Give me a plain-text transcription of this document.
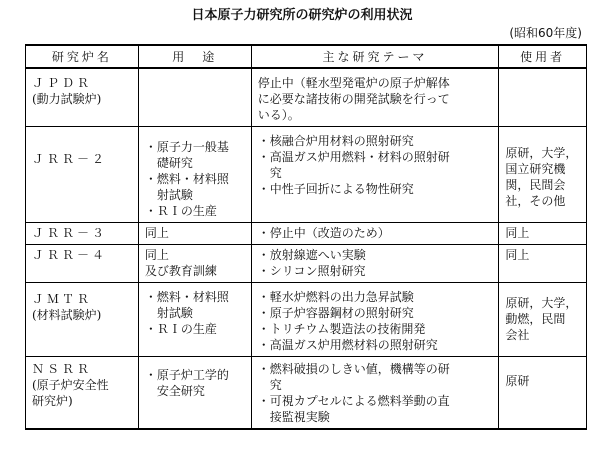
日本原子力研究所の研究炉の利用状況
(昭和60年度)
研究炉名	用　途	主な研究テーマ	使用者

ＪＰＤＲ
(動力試験炉)		停止中（軽水型発電炉の原子炉解体
に必要な諸技術の開発試験を行って
いる）。	

ＪＲＲ－２	・原子力一般基
　礎研究
・燃料・材料照
　射試験
・ＲＩの生産	・核融合炉用材料の照射研究
・高温ガス炉用燃料・材料の照射研
　究
・中性子回折による物性研究	原研，大学，
国立研究機
関，民間会
社，その他

ＪＲＲ－３	同上	・停止中（改造のため）	同上

ＪＲＲ－４	同上
及び教育訓練	・放射線遮へい実験
・シリコン照射研究	同上

ＪＭＴＲ
(材料試験炉)	・燃料・材料照
　射試験
・ＲＩの生産	・軽水炉燃料の出力急昇試験
・原子炉容器鋼材の照射研究
・トリチウム製造法の技術開発
・高温ガス炉用燃材料の照射研究	原研，大学，
動燃，民間
会社

ＮＳＲＲ
(原子炉安全性
研究炉)	・原子炉工学的
　安全研究	・燃料破損のしきい値，機構等の研
　究
・可視カプセルによる燃料挙動の直
　接監視実験	原研
